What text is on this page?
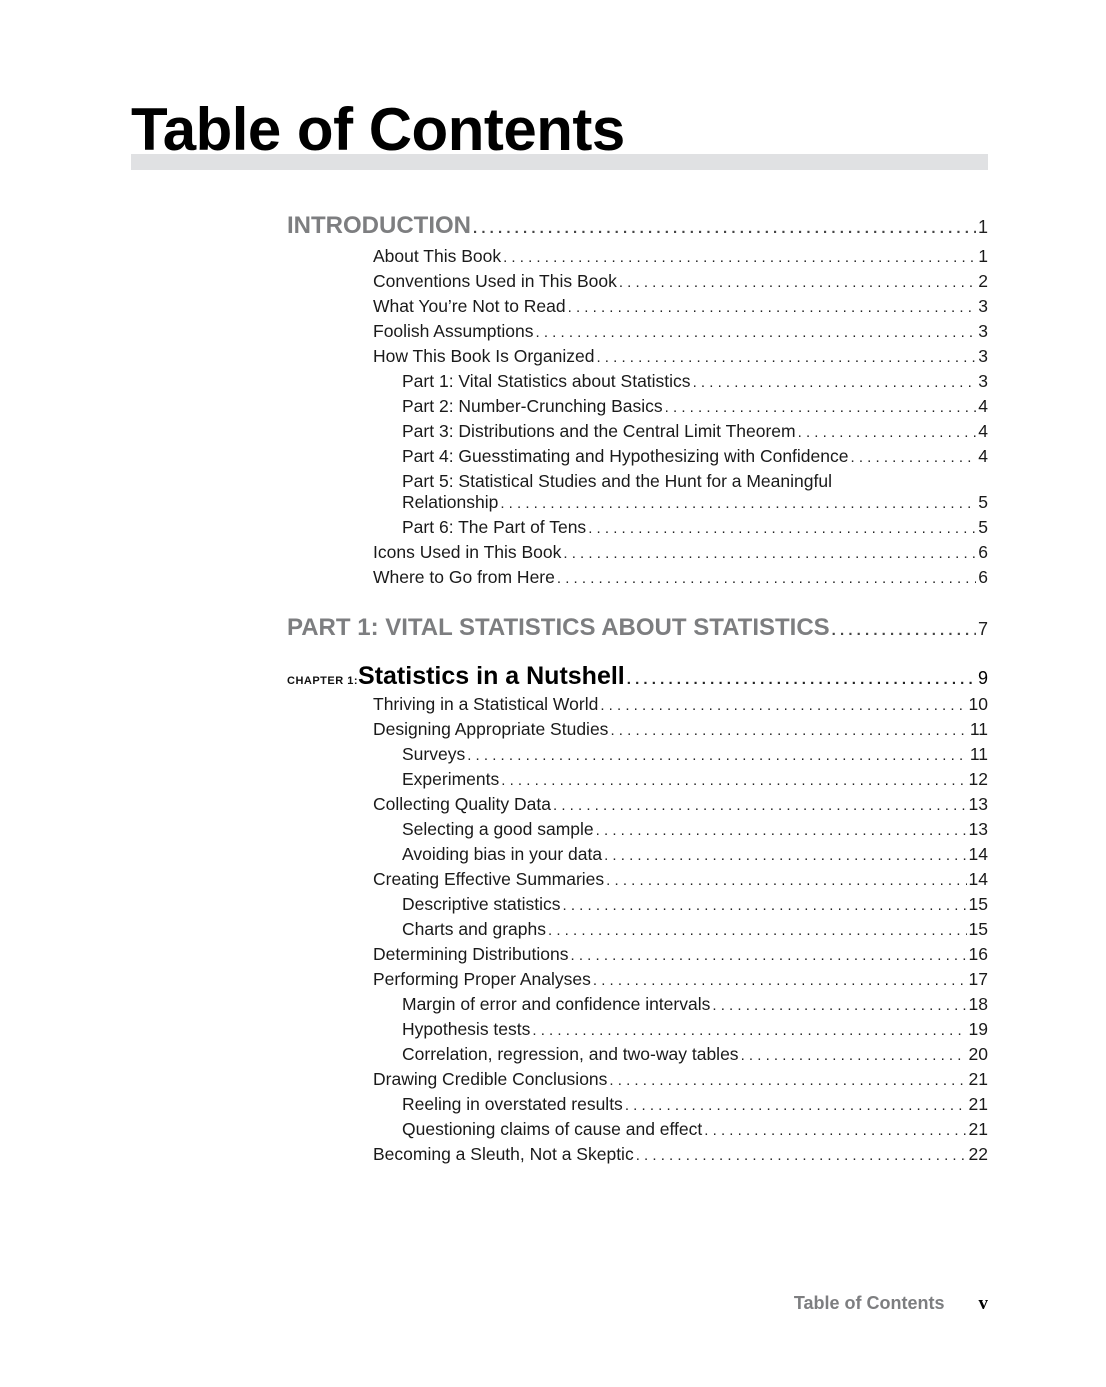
Table of Contents
INTRODUCTION . . .	1
About This Book . . .	1
Conventions Used in This Book . . .	2
What You’re Not to Read . . .	3
Foolish Assumptions . . .	3
How This Book Is Organized . . .	3
Part 1: Vital Statistics about Statistics . . .	3
Part 2: Number-Crunching Basics . . .	4
Part 3: Distributions and the Central Limit Theorem . . .	4
Part 4: Guesstimating and Hypothesizing with Confidence . . .	4
Part 5: Statistical Studies and the Hunt for a Meaningful
Relationship . . .	5
Part 6: The Part of Tens . . .	5
Icons Used in This Book . . .	6
Where to Go from Here . . .	6
PART 1: VITAL STATISTICS ABOUT STATISTICS . . .	7
CHAPTER 1: Statistics in a Nutshell . . .	9
Thriving in a Statistical World . . .	10
Designing Appropriate Studies . . .	11
Surveys . . .	11
Experiments . . .	12
Collecting Quality Data . . .	13
Selecting a good sample . . .	13
Avoiding bias in your data . . .	14
Creating Effective Summaries . . .	14
Descriptive statistics . . .	15
Charts and graphs . . .	15
Determining Distributions . . .	16
Performing Proper Analyses . . .	17
Margin of error and confidence intervals . . .	18
Hypothesis tests . . .	19
Correlation, regression, and two-way tables . . .	20
Drawing Credible Conclusions . . .	21
Reeling in overstated results . . .	21
Questioning claims of cause and effect . . .	21
Becoming a Sleuth, Not a Skeptic . . .	22
Table of Contents v
